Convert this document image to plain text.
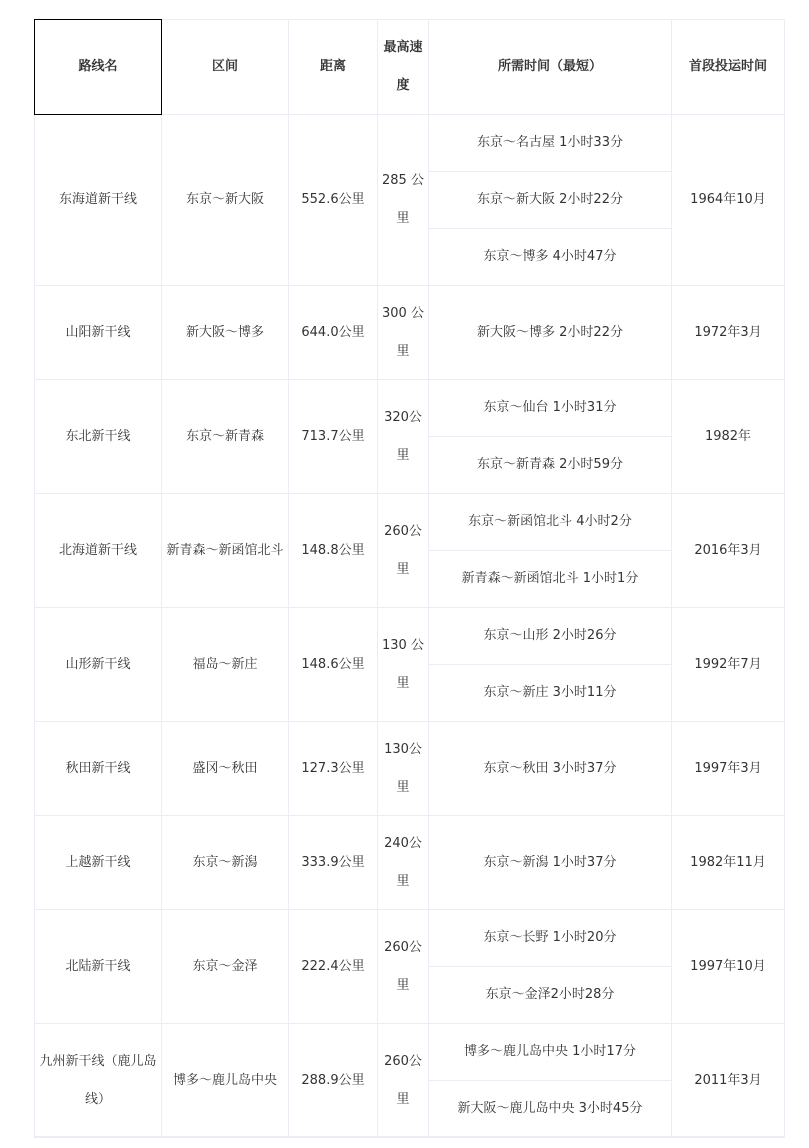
路线名	区间	距离	最高速度	所需时间（最短）	首段投运时间
东海道新干线	东京～新大阪	552.6公里	285 公里	东京～名古屋 1小时33分	1964年10月
				东京～新大阪 2小时22分	
				东京～博多 4小时47分	
山阳新干线	新大阪～博多	644.0公里	300 公里	新大阪～博多 2小时22分	1972年3月
东北新干线	东京～新青森	713.7公里	320公里	东京～仙台 1小时31分	1982年
				东京～新青森 2小时59分	
北海道新干线	新青森～新函馆北斗	148.8公里	260公里	东京～新函馆北斗 4小时2分	2016年3月
				新青森～新函馆北斗 1小时1分	
山形新干线	福岛～新庄	148.6公里	130 公里	东京～山形 2小时26分	1992年7月
				东京～新庄 3小时11分	
秋田新干线	盛冈～秋田	127.3公里	130公里	东京～秋田 3小时37分	1997年3月
上越新干线	东京～新潟	333.9公里	240公里	东京～新潟 1小时37分	1982年11月
北陆新干线	东京～金泽	222.4公里	260公里	东京～长野 1小时20分	1997年10月
				东京～金泽2小时28分	
九州新干线（鹿儿岛线）	博多～鹿儿岛中央	288.9公里	260公里	博多～鹿儿岛中央 1小时17分	2011年3月
				新大阪～鹿儿岛中央 3小时45分	
